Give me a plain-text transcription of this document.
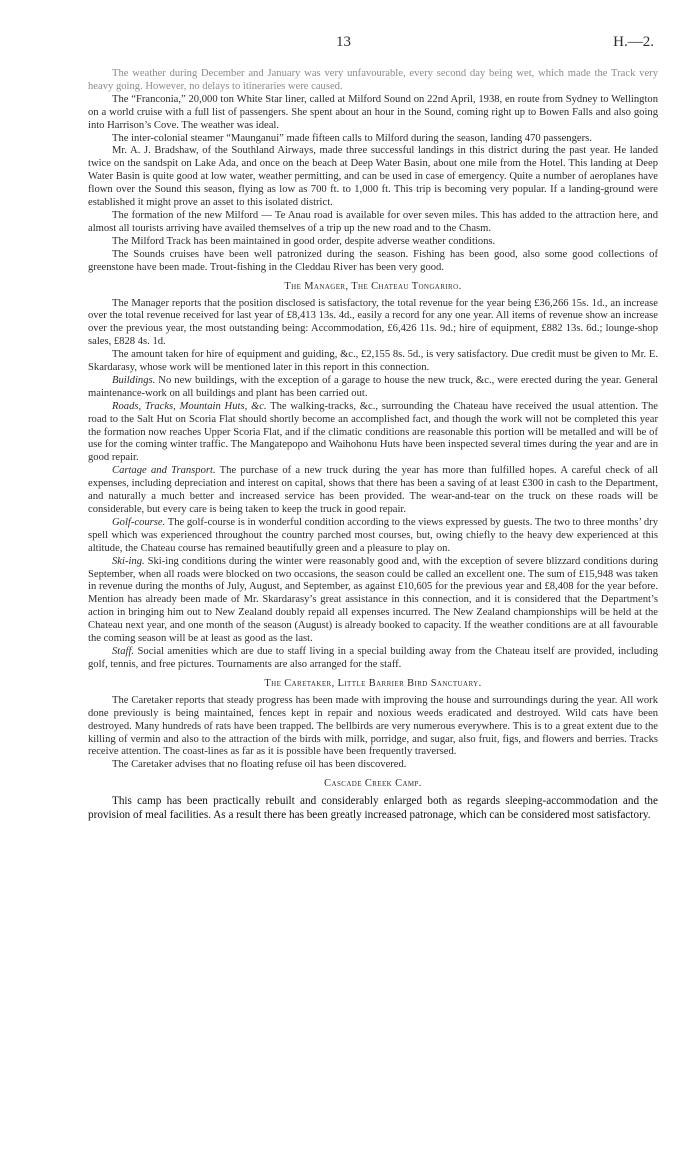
13	H.—2.

The weather during December and January was very unfavourable, every second day being wet, which made the Track very heavy going. However, no delays to itineraries were caused.

The “Franconia,” 20,000 ton White Star liner, called at Milford Sound on 22nd April, 1938, en route from Sydney to Wellington on a world cruise with a full list of passengers. She spent about an hour in the Sound, coming right up to Bowen Falls and also going into Harrison’s Cove. The weather was ideal.

The inter-colonial steamer “Maunganui” made fifteen calls to Milford during the season, landing 470 passengers.

Mr. A. J. Bradshaw, of the Southland Airways, made three successful landings in this district during the past year. He landed twice on the sandspit on Lake Ada, and once on the beach at Deep Water Basin, about one mile from the Hotel. This landing at Deep Water Basin is quite good at low water, weather permitting, and can be used in case of emergency. Quite a number of aeroplanes have flown over the Sound this season, flying as low as 700 ft. to 1,000 ft. This trip is becoming very popular. If a landing-ground were established it might prove an asset to this isolated district.

The formation of the new Milford — Te Anau road is available for over seven miles. This has added to the attraction here, and almost all tourists arriving have availed themselves of a trip up the new road and to the Chasm.

The Milford Track has been maintained in good order, despite adverse weather conditions.

The Sounds cruises have been well patronized during the season. Fishing has been good, also some good collections of greenstone have been made. Trout-fishing in the Cleddau River has been very good.

The Manager, The Chateau Tongariro.

The Manager reports that the position disclosed is satisfactory, the total revenue for the year being £36,266 15s. 1d., an increase over the total revenue received for last year of £8,413 13s. 4d., easily a record for any one year. All items of revenue show an increase over the previous year, the most outstanding being: Accommodation, £6,426 11s. 9d.; hire of equipment, £882 13s. 6d.; lounge-shop sales, £828 4s. 1d.

The amount taken for hire of equipment and guiding, &c., £2,155 8s. 5d., is very satisfactory. Due credit must be given to Mr. E. Skardarasy, whose work will be mentioned later in this report in this connection.

Buildings. No new buildings, with the exception of a garage to house the new truck, &c., were erected during the year. General maintenance-work on all buildings and plant has been carried out.

Roads, Tracks, Mountain Huts, &c. The walking-tracks, &c., surrounding the Chateau have received the usual attention. The road to the Salt Hut on Scoria Flat should shortly become an accomplished fact, and though the work will not be completed this year the formation now reaches Upper Scoria Flat, and if the climatic conditions are reasonable this portion will be metalled and will be of use for the coming winter traffic. The Mangatepopo and Waihohonu Huts have been inspected several times during the year and are in good repair.

Cartage and Transport. The purchase of a new truck during the year has more than fulfilled hopes. A careful check of all expenses, including depreciation and interest on capital, shows that there has been a saving of at least £300 in cash to the Department, and naturally a much better and increased service has been provided. The wear-and-tear on the truck on these roads will be considerable, but every care is being taken to keep the truck in good repair.

Golf-course. The golf-course is in wonderful condition according to the views expressed by guests. The two to three months’ dry spell which was experienced throughout the country parched most courses, but, owing chiefly to the heavy dew experienced at this altitude, the Chateau course has remained beautifully green and a pleasure to play on.

Ski-ing. Ski-ing conditions during the winter were reasonably good and, with the exception of severe blizzard conditions during September, when all roads were blocked on two occasions, the season could be called an excellent one. The sum of £15,948 was taken in revenue during the months of July, August, and September, as against £10,605 for the previous year and £8,408 for the year before. Mention has already been made of Mr. Skardarasy’s great assistance in this connection, and it is considered that the Department’s action in bringing him out to New Zealand doubly repaid all expenses incurred. The New Zealand championships will be held at the Chateau next year, and one month of the season (August) is already booked to capacity. If the weather conditions are at all favourable the coming season will be at least as good as the last.

Staff. Social amenities which are due to staff living in a special building away from the Chateau itself are provided, including golf, tennis, and free pictures. Tournaments are also arranged for the staff.

The Caretaker, Little Barrier Bird Sanctuary.

The Caretaker reports that steady progress has been made with improving the house and surroundings during the year. All work done previously is being maintained, fences kept in repair and noxious weeds eradicated and destroyed. Wild cats have been destroyed. Many hundreds of rats have been trapped. The bellbirds are very numerous everywhere. This is to a great extent due to the killing of vermin and also to the attraction of the birds with milk, porridge, and sugar, also fruit, figs, and flowers and berries. Tracks receive attention. The coast-lines as far as it is possible have been frequently traversed.

The Caretaker advises that no floating refuse oil has been discovered.

Cascade Creek Camp.

This camp has been practically rebuilt and considerably enlarged both as regards sleeping-accommodation and the provision of meal facilities. As a result there has been greatly increased patronage, which can be considered most satisfactory.
